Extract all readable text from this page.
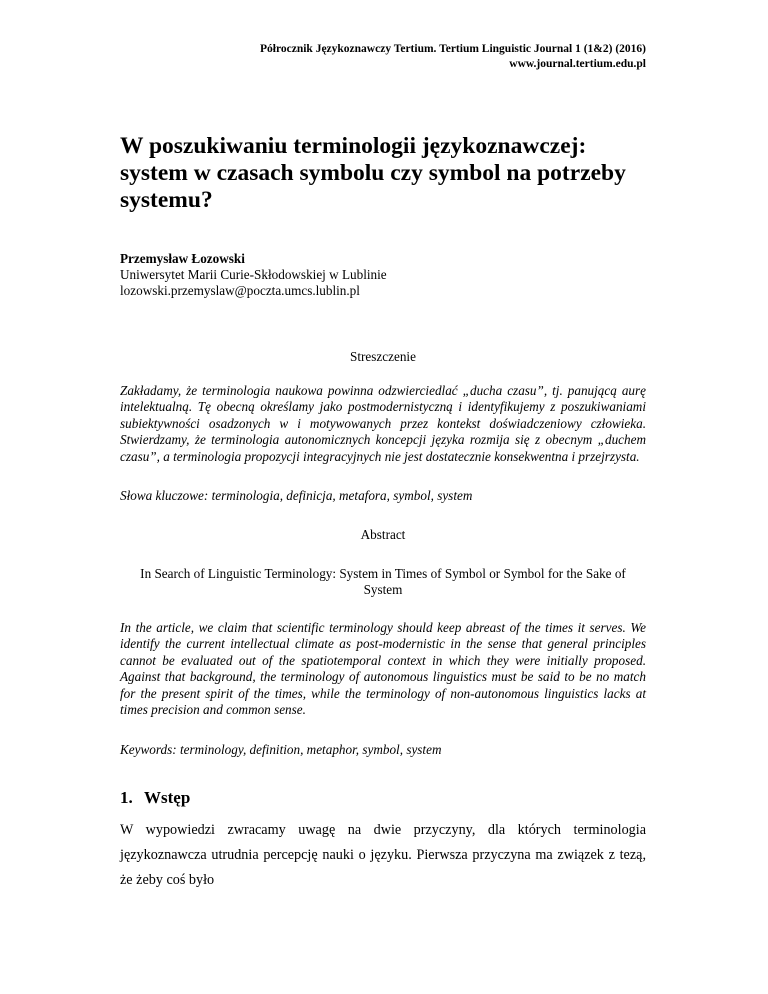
Półrocznik Językoznawczy Tertium. Tertium Linguistic Journal 1 (1&2) (2016)
www.journal.tertium.edu.pl
W poszukiwaniu terminologii językoznawczej: system w czasach symbolu czy symbol na potrzeby systemu?
Przemysław Łozowski
Uniwersytet Marii Curie-Skłodowskiej w Lublinie
lozowski.przemyslaw@poczta.umcs.lublin.pl
Streszczenie
Zakładamy, że terminologia naukowa powinna odzwierciedlać „ducha czasu”, tj. panującą aurę intelektualną. Tę obecną określamy jako postmodernistyczną i identyfikujemy z poszukiwaniami subiektywności osadzonych w i motywowanych przez kontekst doświadczeniowy człowieka. Stwierdzamy, że terminologia autonomicznych koncepcji języka rozmija się z obecnym „duchem czasu”, a terminologia propozycji integracyjnych nie jest dostatecznie konsekwentna i przejrzysta.
Słowa kluczowe: terminologia, definicja, metafora, symbol, system
Abstract
In Search of Linguistic Terminology: System in Times of Symbol or Symbol for the Sake of System
In the article, we claim that scientific terminology should keep abreast of the times it serves. We identify the current intellectual climate as post-modernistic in the sense that general principles cannot be evaluated out of the spatiotemporal context in which they were initially proposed. Against that background, the terminology of autonomous linguistics must be said to be no match for the present spirit of the times, while the terminology of non-autonomous linguistics lacks at times precision and common sense.
Keywords: terminology, definition, metaphor, symbol, system
1. Wstęp

W wypowiedzi zwracamy uwagę na dwie przyczyny, dla których terminologia językoznawcza utrudnia percepcję nauki o języku. Pierwsza przyczyna ma związek z tezą, że żeby coś było
